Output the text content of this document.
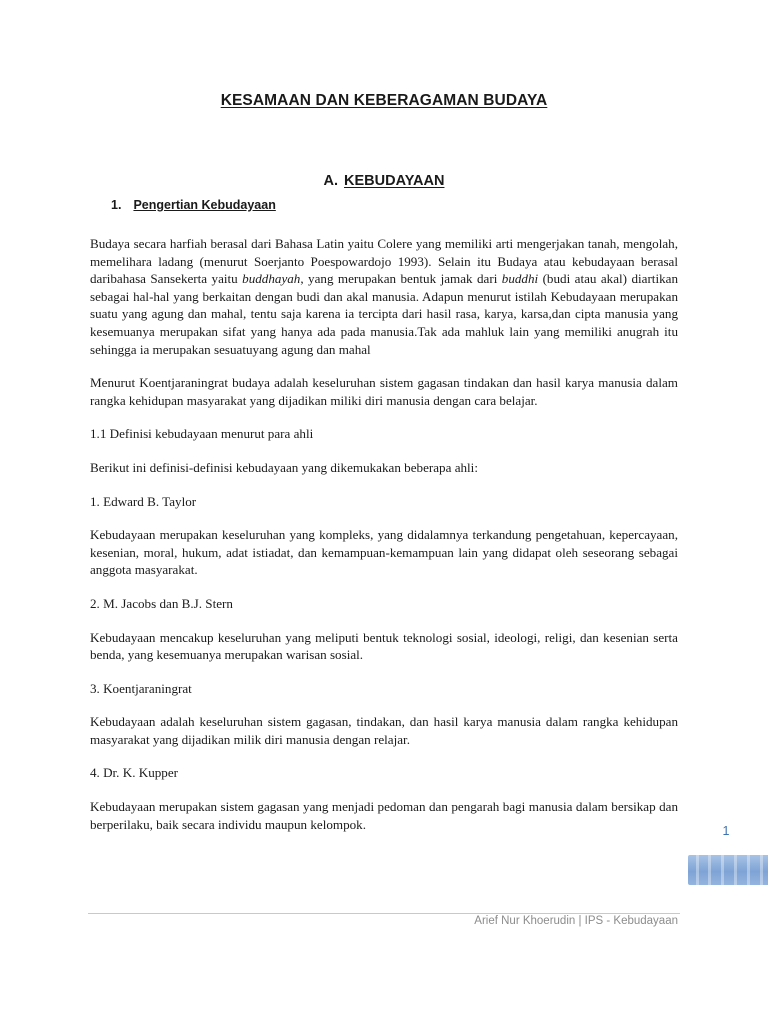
KESAMAAN DAN KEBERAGAMAN BUDAYA
A. KEBUDAYAAN
1. Pengertian Kebudayaan

Budaya secara harfiah berasal dari Bahasa Latin yaitu Colere yang memiliki arti mengerjakan tanah, mengolah, memelihara ladang (menurut Soerjanto Poespowardojo 1993). Selain itu Budaya atau kebudayaan berasal daribahasa Sansekerta yaitu buddhayah, yang merupakan bentuk jamak dari buddhi (budi atau akal) diartikan sebagai hal-hal yang berkaitan dengan budi dan akal manusia. Adapun menurut istilah Kebudayaan merupakan suatu yang agung dan mahal, tentu saja karena ia tercipta dari hasil rasa, karya, karsa,dan cipta manusia yang kesemuanya merupakan sifat yang hanya ada pada manusia.Tak ada mahluk lain yang memiliki anugrah itu sehingga ia merupakan sesuatuyang agung dan mahal

Menurut Koentjaraningrat budaya adalah keseluruhan sistem gagasan tindakan dan hasil karya manusia dalam rangka kehidupan masyarakat yang dijadikan miliki diri manusia dengan cara belajar.

1.1 Definisi kebudayaan menurut para ahli

Berikut ini definisi-definisi kebudayaan yang dikemukakan beberapa ahli:

1. Edward B. Taylor

Kebudayaan merupakan keseluruhan yang kompleks, yang didalamnya terkandung pengetahuan, kepercayaan, kesenian, moral, hukum, adat istiadat, dan kemampuan-kemampuan lain yang didapat oleh seseorang sebagai anggota masyarakat.

2. M. Jacobs dan B.J. Stern

Kebudayaan mencakup keseluruhan yang meliputi bentuk teknologi sosial, ideologi, religi, dan kesenian serta benda, yang kesemuanya merupakan warisan sosial.

3. Koentjaraningrat

Kebudayaan adalah keseluruhan sistem gagasan, tindakan, dan hasil karya manusia dalam rangka kehidupan masyarakat yang dijadikan milik diri manusia dengan relajar.

4. Dr. K. Kupper

Kebudayaan merupakan sistem gagasan yang menjadi pedoman dan pengarah bagi manusia dalam bersikap dan berperilaku, baik secara individu maupun kelompok.	1
Arief Nur Khoerudin | IPS - Kebudayaan
